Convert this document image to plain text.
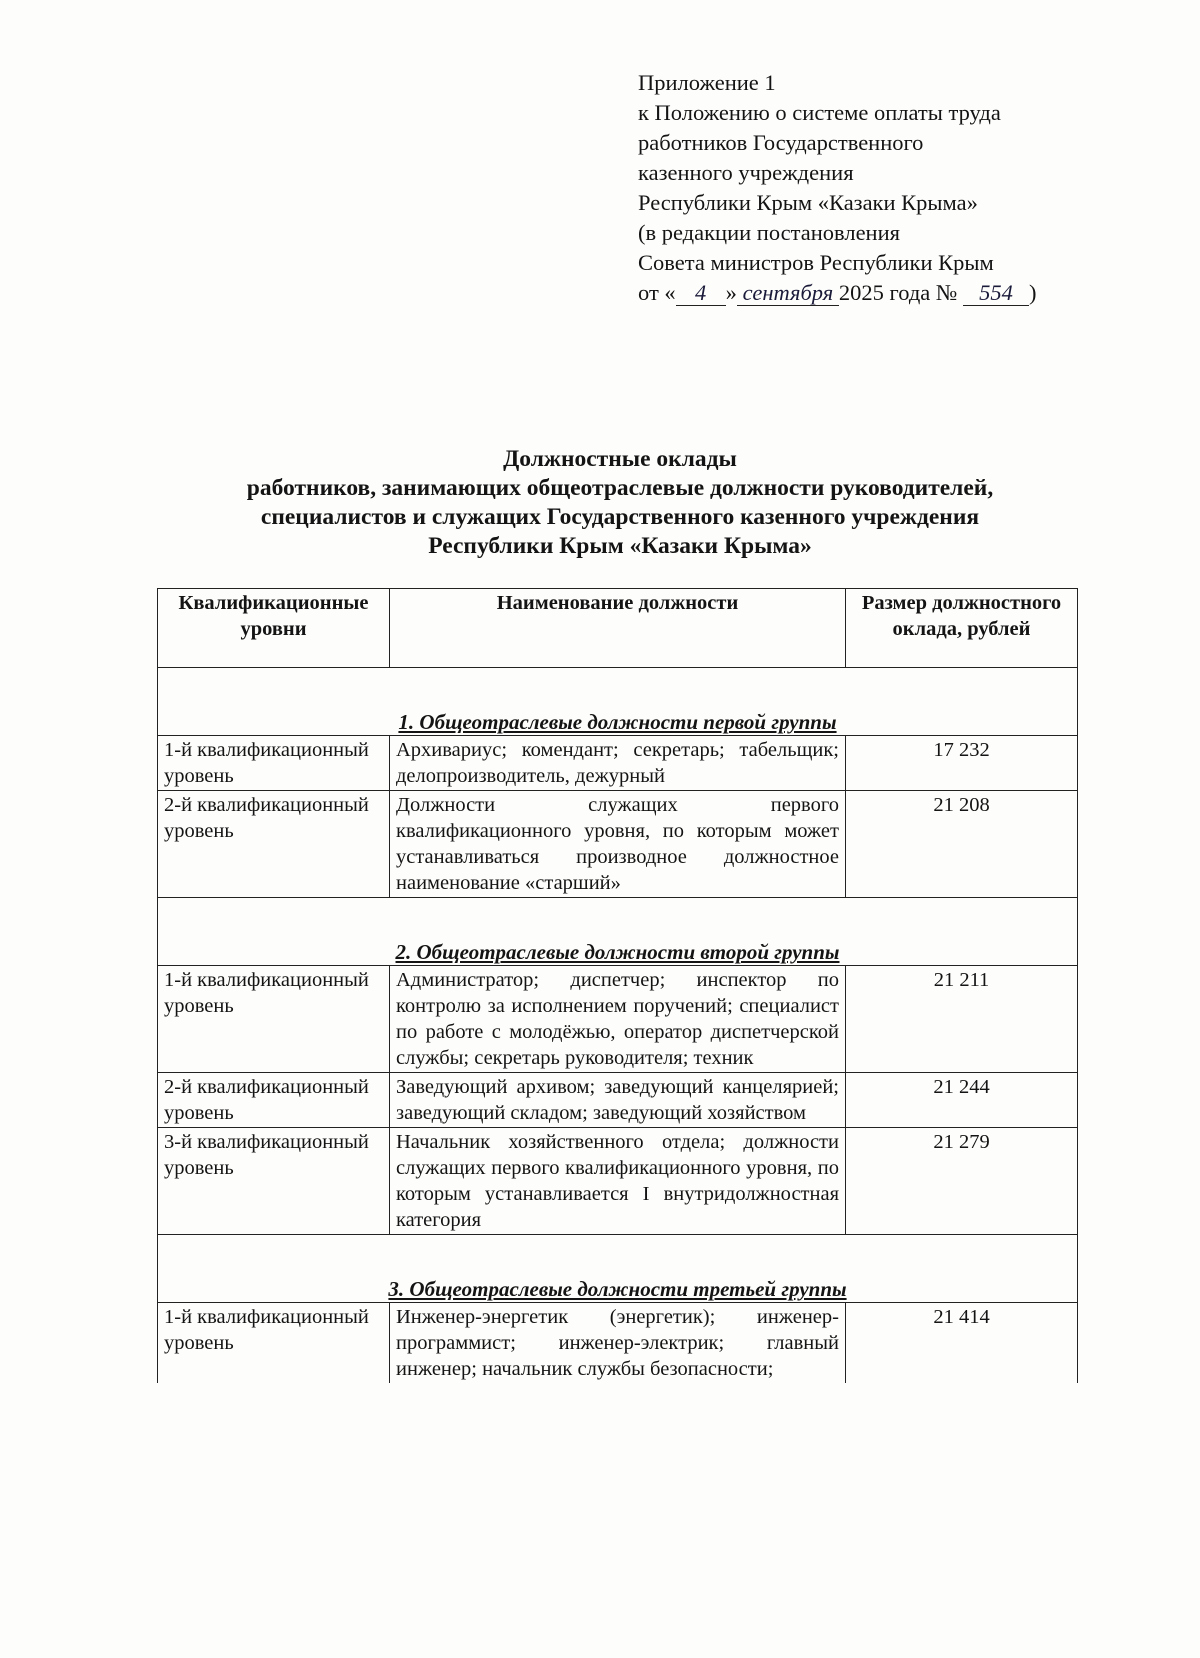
Приложение 1
к Положению о системе оплаты труда
работников Государственного
казенного учреждения
Республики Крым «Казаки Крыма»
(в редакции постановления
Совета министров Республики Крым
от « 4 » сентября 2025 года № 554 )
Должностные оклады
работников, занимающих общеотраслевые должности руководителей,
специалистов и служащих Государственного казенного учреждения
Республики Крым «Казаки Крыма»
Квалификационные уровни	Наименование должности	Размер должностного оклада, рублей
1. Общеотраслевые должности первой группы		
1-й квалификационный уровень	Архивариус; комендант; секретарь; табельщик; делопроизводитель, дежурный	17 232
2-й квалификационный уровень	Должности служащих первого квалификационного уровня, по которым может устанавливаться производное должностное наименование «старший»	21 208
2. Общеотраслевые должности второй группы		
1-й квалификационный уровень	Администратор; диспетчер; инспектор по контролю за исполнением поручений; специалист по работе с молодёжью, оператор диспетчерской службы; секретарь руководителя; техник	21 211
2-й квалификационный уровень	Заведующий архивом; заведующий канцелярией; заведующий складом; заведующий хозяйством	21 244
3-й квалификационный уровень	Начальник хозяйственного отдела; должности служащих первого квалификационного уровня, по которым устанавливается I внутридолжностная категория	21 279
3. Общеотраслевые должности третьей группы		
1-й квалификационный уровень	Инженер-энергетик (энергетик); инженер-программист; инженер-электрик; главный инженер; начальник службы безопасности;	21 414
